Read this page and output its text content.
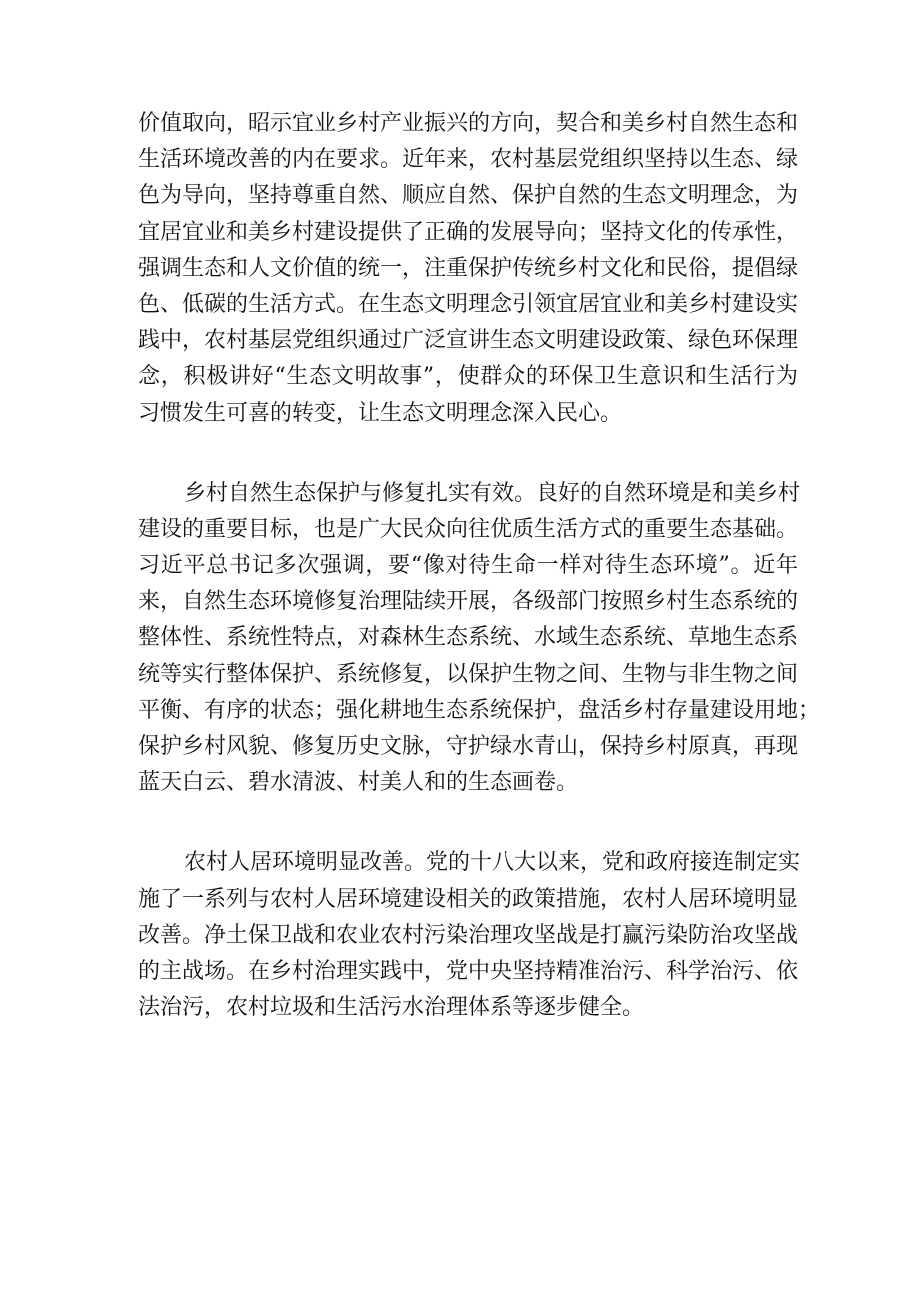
价值取向，昭示宜业乡村产业振兴的方向，契合和美乡村自然生态和
生活环境改善的内在要求。近年来，农村基层党组织坚持以生态、绿
色为导向，坚持尊重自然、顺应自然、保护自然的生态文明理念，为
宜居宜业和美乡村建设提供了正确的发展导向；坚持文化的传承性，
强调生态和人文价值的统一，注重保护传统乡村文化和民俗，提倡绿
色、低碳的生活方式。在生态文明理念引领宜居宜业和美乡村建设实
践中，农村基层党组织通过广泛宣讲生态文明建设政策、绿色环保理
念，积极讲好“生态文明故事”，使群众的环保卫生意识和生活行为
习惯发生可喜的转变，让生态文明理念深入民心。
乡村自然生态保护与修复扎实有效。良好的自然环境是和美乡村
建设的重要目标，也是广大民众向往优质生活方式的重要生态基础。
习近平总书记多次强调，要“像对待生命一样对待生态环境”。近年
来，自然生态环境修复治理陆续开展，各级部门按照乡村生态系统的
整体性、系统性特点，对森林生态系统、水域生态系统、草地生态系
统等实行整体保护、系统修复，以保护生物之间、生物与非生物之间
平衡、有序的状态；强化耕地生态系统保护，盘活乡村存量建设用地；
保护乡村风貌、修复历史文脉，守护绿水青山，保持乡村原真，再现
蓝天白云、碧水清波、村美人和的生态画卷。
农村人居环境明显改善。党的十八大以来，党和政府接连制定实
施了一系列与农村人居环境建设相关的政策措施，农村人居环境明显
改善。净土保卫战和农业农村污染治理攻坚战是打赢污染防治攻坚战
的主战场。在乡村治理实践中，党中央坚持精准治污、科学治污、依
法治污，农村垃圾和生活污水治理体系等逐步健全。
